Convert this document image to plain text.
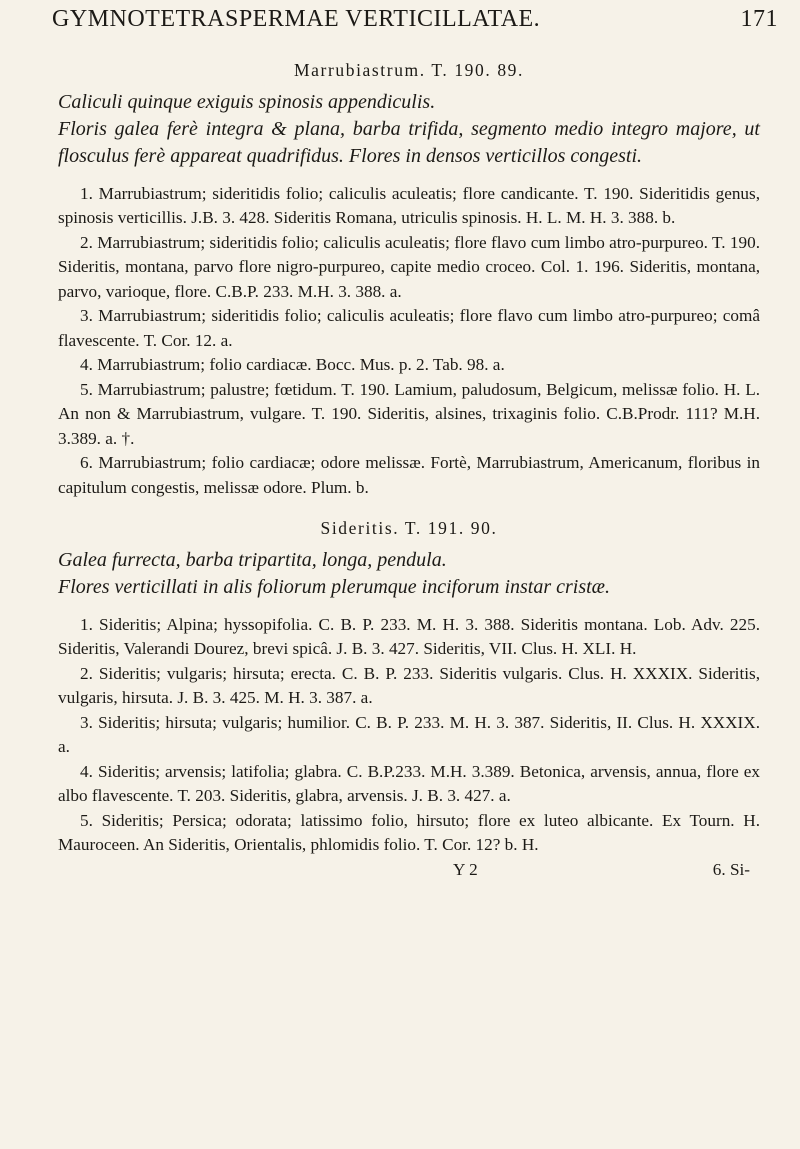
GYMNOTETRASPERMAE VERTICILLATAE.	171
Marrubiastrum. T. 190. 89.

Caliculi quinque exiguis spinosis appendiculis.

Floris galea ferè integra & plana, barba trifida, segmento medio integro majore, ut flosculus ferè appareat quadrifidus. Flores in densos verticillos congesti.

1. Marrubiastrum; sideritidis folio; caliculis aculeatis; flore candicante. T. 190. Sideritidis genus, spinosis verticillis. J.B. 3. 428. Sideritis Romana, utriculis spinosis. H. L. M. H. 3. 388. b.

2. Marrubiastrum; sideritidis folio; caliculis aculeatis; flore flavo cum limbo atro-purpureo. T. 190. Sideritis, montana, parvo flore nigro-purpureo, capite medio croceo. Col. 1. 196. Sideritis, montana, parvo, varioque, flore. C.B.P. 233. M.H. 3. 388. a.

3. Marrubiastrum; sideritidis folio; caliculis aculeatis; flore flavo cum limbo atro-purpureo; comâ flavescente. T. Cor. 12. a.

4. Marrubiastrum; folio cardiacæ. Bocc. Mus. p. 2. Tab. 98. a.

5. Marrubiastrum; palustre; fœtidum. T. 190. Lamium, paludosum, Belgicum, melissæ folio. H. L. An non & Marrubiastrum, vulgare. T. 190. Sideritis, alsines, trixaginis folio. C.B.Prodr. 111? M.H. 3.389. a. †.

6. Marrubiastrum; folio cardiacæ; odore melissæ. Fortè, Marrubiastrum, Americanum, floribus in capitulum congestis, melissæ odore. Plum. b.

Sideritis. T. 191. 90.

Galea furrecta, barba tripartita, longa, pendula.

Flores verticillati in alis foliorum plerumque inciforum instar cristæ.

1. Sideritis; Alpina; hyssopifolia. C. B. P. 233. M. H. 3. 388. Sideritis montana. Lob. Adv. 225. Sideritis, Valerandi Dourez, brevi spicâ. J. B. 3. 427. Sideritis, VII. Clus. H. XLI. H.

2. Sideritis; vulgaris; hirsuta; erecta. C. B. P. 233. Sideritis vulgaris. Clus. H. XXXIX. Sideritis, vulgaris, hirsuta. J. B. 3. 425. M. H. 3. 387. a.

3. Sideritis; hirsuta; vulgaris; humilior. C. B. P. 233. M. H. 3. 387. Sideritis, II. Clus. H. XXXIX. a.

4. Sideritis; arvensis; latifolia; glabra. C. B.P.233. M.H. 3.389. Betonica, arvensis, annua, flore ex albo flavescente. T. 203. Sideritis, glabra, arvensis. J. B. 3. 427. a.

5. Sideritis; Persica; odorata; latissimo folio, hirsuto; flore ex luteo albicante. Ex Tourn. H. Mauroceen. An Sideritis, Orientalis, phlomidis folio. T. Cor. 12? b. H.

Y 2	6. Si-
